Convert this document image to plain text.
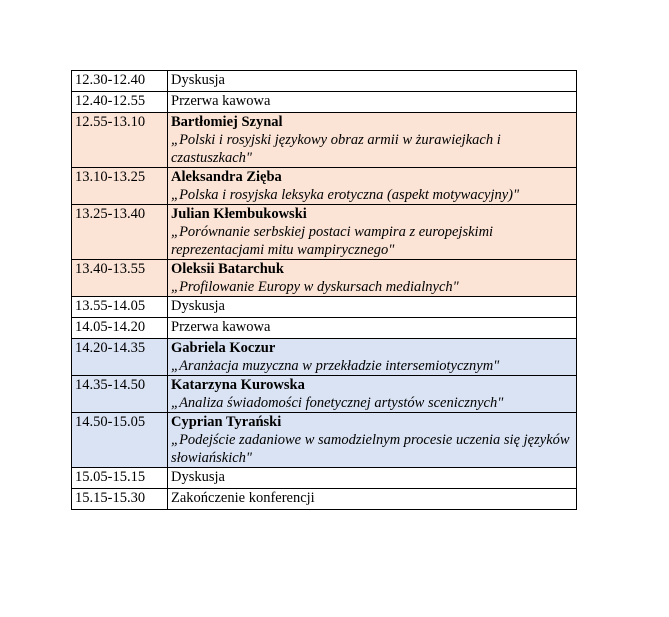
12.30-12.40	Dyskusja
12.40-12.55	Przerwa kawowa
12.55-13.10	Bartłomiej Szynal
„Polski i rosyjski językowy obraz armii w żurawiejkach i czastuszkach"

13.10-13.25	Aleksandra Zięba
„Polska i rosyjska leksyka erotyczna (aspekt motywacyjny)"

13.25-13.40	Julian Kłembukowski
„Porównanie serbskiej postaci wampira z europejskimi reprezentacjami mitu wampirycznego"

13.40-13.55	Oleksii Batarchuk
„Profilowanie Europy w dyskursach medialnych"

13.55-14.05	Dyskusja
14.05-14.20	Przerwa kawowa
14.20-14.35	Gabriela Koczur
„Aranżacja muzyczna w przekładzie intersemiotycznym"

14.35-14.50	Katarzyna Kurowska
„Analiza świadomości fonetycznej artystów scenicznych"

14.50-15.05	Cyprian Tyrański
„Podejście zadaniowe w samodzielnym procesie uczenia się języków słowiańskich"

15.05-15.15	Dyskusja
15.15-15.30	Zakończenie konferencji
